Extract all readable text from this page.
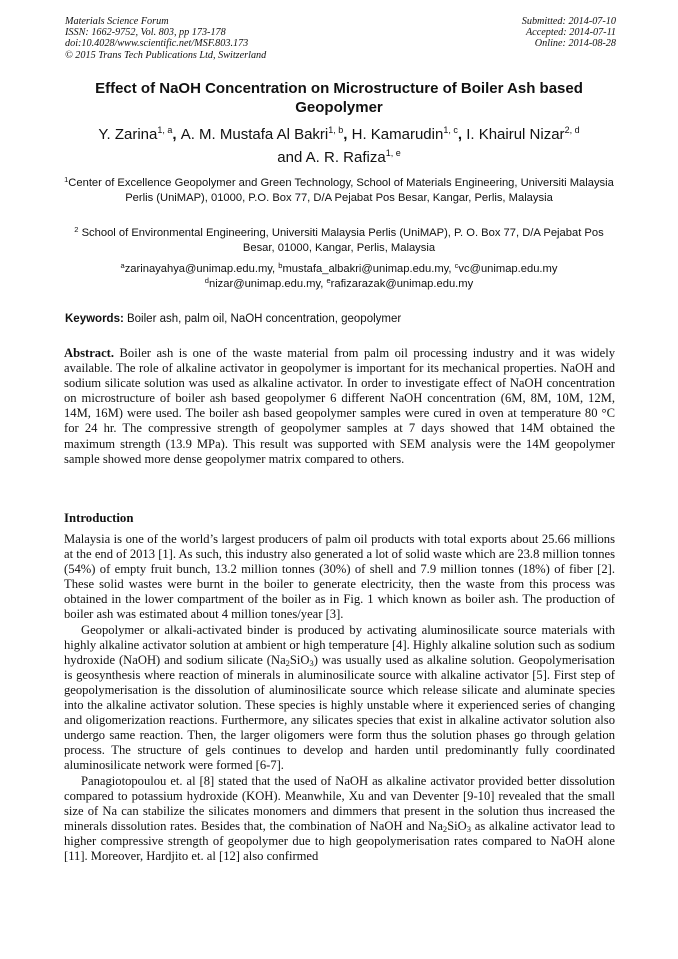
Materials Science Forum
ISSN: 1662-9752, Vol. 803, pp 173-178
doi:10.4028/www.scientific.net/MSF.803.173
© 2015 Trans Tech Publications Ltd, Switzerland
Submitted: 2014-07-10
Accepted: 2014-07-11
Online: 2014-08-28
Effect of NaOH Concentration on Microstructure of Boiler Ash based Geopolymer
Y. Zarina$^{1, a}$, A. M. Mustafa Al Bakri$^{1, b}$, H. Kamarudin$^{1, c}$, I. Khairul Nizar$^{2, d}$
and A. R. Rafiza$^{1, e}$
$^1$Center of Excellence Geopolymer and Green Technology, School of Materials Engineering, Universiti Malaysia Perlis (UniMAP), 01000, P.O. Box 77, D/A Pejabat Pos Besar, Kangar, Perlis, Malaysia
$^2$ School of Environmental Engineering, Universiti Malaysia Perlis (UniMAP), P. O. Box 77, D/A Pejabat Pos Besar, 01000, Kangar, Perlis, Malaysia
$^a$zarinayahya@unimap.edu.my, $^b$mustafa_albakri@unimap.edu.my, $^c$vc@unimap.edu.my
$^d$nizar@unimap.edu.my, $^e$rafizarazak@unimap.edu.my
Keywords: Boiler ash, palm oil, NaOH concentration, geopolymer
Abstract. Boiler ash is one of the waste material from palm oil processing industry and it was widely available. The role of alkaline activator in geopolymer is important for its mechanical properties. NaOH and sodium silicate solution was used as alkaline activator. In order to investigate effect of NaOH concentration on microstructure of boiler ash based geopolymer 6 different NaOH concentration (6M, 8M, 10M, 12M, 14M, 16M) were used. The boiler ash based geopolymer samples were cured in oven at temperature 80 °C for 24 hr. The compressive strength of geopolymer samples at 7 days showed that 14M obtained the maximum strength (13.9 MPa). This result was supported with SEM analysis were the 14M geopolymer sample showed more dense geopolymer matrix compared to others.
Introduction

Malaysia is one of the world’s largest producers of palm oil products with total exports about 25.66 millions at the end of 2013 [1]. As such, this industry also generated a lot of solid waste which are 23.8 million tonnes (54%) of empty fruit bunch, 13.2 million tonnes (30%) of shell and 7.9 million tonnes (18%) of fiber [2]. These solid wastes were burnt in the boiler to generate electricity, then the waste from this process was obtained in the lower compartment of the boiler as in Fig. 1 which known as boiler ash. The production of boiler ash was estimated about 4 million tones/year [3].

Geopolymer or alkali-activated binder is produced by activating aluminosilicate source materials with highly alkaline activator solution at ambient or high temperature [4]. Highly alkaline solution such as sodium hydroxide (NaOH) and sodium silicate $(Na_2SiO_3)$ was usually used as alkaline solution. Geopolymerisation is geosynthesis where reaction of minerals in aluminosilicate source with alkaline activator [5]. First step of geopolymerisation is the dissolution of aluminosilicate source which release silicate and aluminate species into the alkaline activator solution. These species is highly unstable where it experienced series of changing and oligomerization reactions. Furthermore, any silicates species that exist in alkaline activator solution also undergo same reaction. Then, the larger oligomers were form thus the solution phases go through gelation process. The structure of gels continues to develop and harden until predominantly fully coordinated aluminosilicate network were formed [6-7].

Panagiotopoulou et. al [8] stated that the used of NaOH as alkaline activator provided better dissolution compared to potassium hydroxide (KOH). Meanwhile, Xu and van Deventer [9-10] revealed that the small size of Na can stabilize the silicates monomers and dimmers that present in the solution thus increased the minerals dissolution rates. Besides that, the combination of NaOH and $Na_2SiO_3$ as alkaline activator lead to higher compressive strength of geopolymer due to high geopolymerisation rates compared to NaOH alone [11]. Moreover, Hardjito et. al [12] also confirmed
